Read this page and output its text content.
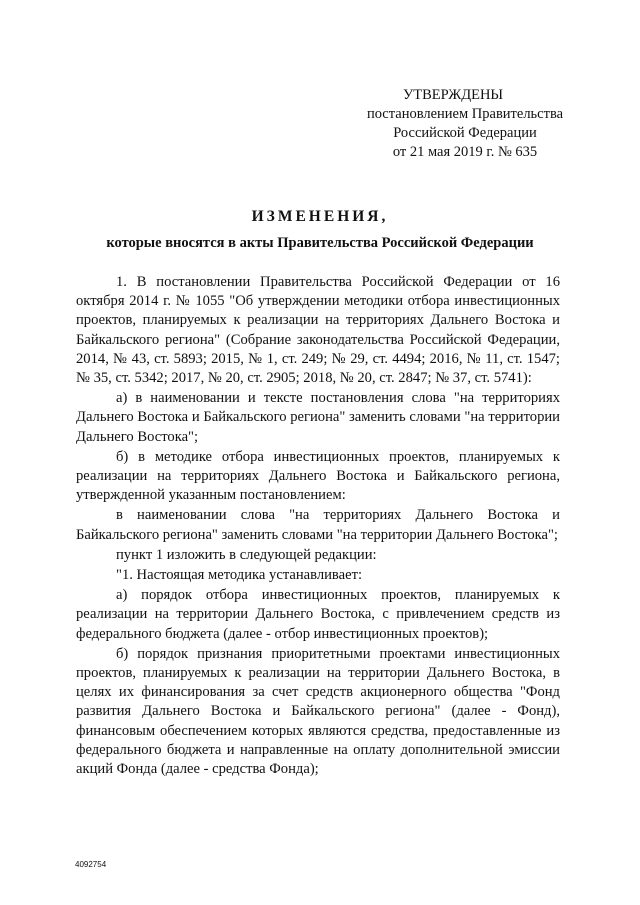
УТВЕРЖДЕНЫ
постановлением Правительства
Российской Федерации
от 21 мая 2019 г. № 635
ИЗМЕНЕНИЯ,
которые вносятся в акты Правительства Российской Федерации

1. В постановлении Правительства Российской Федерации от 16 октября 2014 г. № 1055 "Об утверждении методики отбора инвестиционных проектов, планируемых к реализации на территориях Дальнего Востока и Байкальского региона" (Собрание законодательства Российской Федерации, 2014, № 43, ст. 5893; 2015, № 1, ст. 249; № 29, ст. 4494; 2016, № 11, ст. 1547; № 35, ст. 5342; 2017, № 20, ст. 2905; 2018, № 20, ст. 2847; № 37, ст. 5741):

а) в наименовании и тексте постановления слова "на территориях Дальнего Востока и Байкальского региона" заменить словами "на территории Дальнего Востока";

б) в методике отбора инвестиционных проектов, планируемых к реализации на территориях Дальнего Востока и Байкальского региона, утвержденной указанным постановлением:

в наименовании слова "на территориях Дальнего Востока и Байкальского региона" заменить словами "на территории Дальнего Востока";

пункт 1 изложить в следующей редакции:

"1. Настоящая методика устанавливает:

а) порядок отбора инвестиционных проектов, планируемых к реализации на территории Дальнего Востока, с привлечением средств из федерального бюджета (далее - отбор инвестиционных проектов);

б) порядок признания приоритетными проектами инвестиционных проектов, планируемых к реализации на территории Дальнего Востока, в целях их финансирования за счет средств акционерного общества "Фонд развития Дальнего Востока и Байкальского региона" (далее - Фонд), финансовым обеспечением которых являются средства, предоставленные из федерального бюджета и направленные на оплату дополнительной эмиссии акций Фонда (далее - средства Фонда);

4092754
